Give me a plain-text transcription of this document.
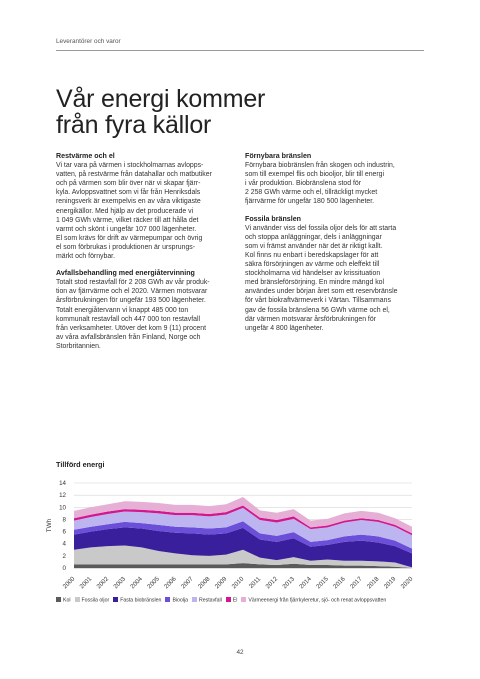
Leverantörer och varor
Vår energi kommer
från fyra källor
Restvärme och el

Vi tar vara på värmen i stockholmarnas avlopps-
vatten, på restvärme från datahallar och matbutiker
och på värmen som blir över när vi skapar fjärr-
kyla. Avloppsvattnet som vi får från Henriksdals
reningsverk är exempelvis en av våra viktigaste
energikällor. Med hjälp av det producerade vi
1 049 GWh värme, vilket räcker till att hålla det
varmt och skönt i ungefär 107 000 lägenheter.
El som krävs för drift av värmepumpar och övrig
el som förbrukas i produktionen är ursprungs-
märkt och förnybar.

Avfallsbehandling med energiåtervinning

Totalt stod restavfall för 2 208 GWh av vår produk-
tion av fjärrvärme och el 2020. Värmen motsvarar
årsförbrukningen för ungefär 193 500 lägenheter.
Totalt energiåtervann vi knappt 485 000 ton
kommunalt restavfall och 447 000 ton restavfall
från verksamheter. Utöver det kom 9 (11) procent
av våra avfallsbränslen från Finland, Norge och
Storbritannien.

Förnybara bränslen

Förnybara biobränslen från skogen och industrin,
som till exempel flis och biooljor, blir till energi
i vår produktion. Biobränslena stod för
2 258 GWh värme och el, tillräckligt mycket
fjärrvärme för ungefär 180 500 lägenheter.

Fossila bränslen

Vi använder viss del fossila oljor dels för att starta
och stoppa anläggningar, dels i anläggningar
som vi främst använder när det är riktigt kallt.
Kol finns nu enbart i beredskapslager för att
säkra försörjningen av värme och eleffekt till
stockholmarna vid händelser av krissituation
med bränsleförsörjning. En mindre mängd kol
användes under början året som ett reservbränsle
för vårt biokraftvärmeverk i Värtan. Tillsammans
gav de fossila bränslena 56 GWh värme och el,
där värmen motsvarar årsförbrukningen för
ungefär 4 800 lägenheter.

Tillförd energi
0
2
4
6
8
10
12
14
TWh
2000 2001 2002 2003 2004 2005 2006 2007 2008 2009 2010 2011 2012 2013 2014 2015 2016 2017 2018 2019 2020
Kol Fossila oljor Fasta biobränslen Bioolja Restavfall El Värmeenergi från fjärrkyleretur, sjö- och renat avloppsvatten
42
